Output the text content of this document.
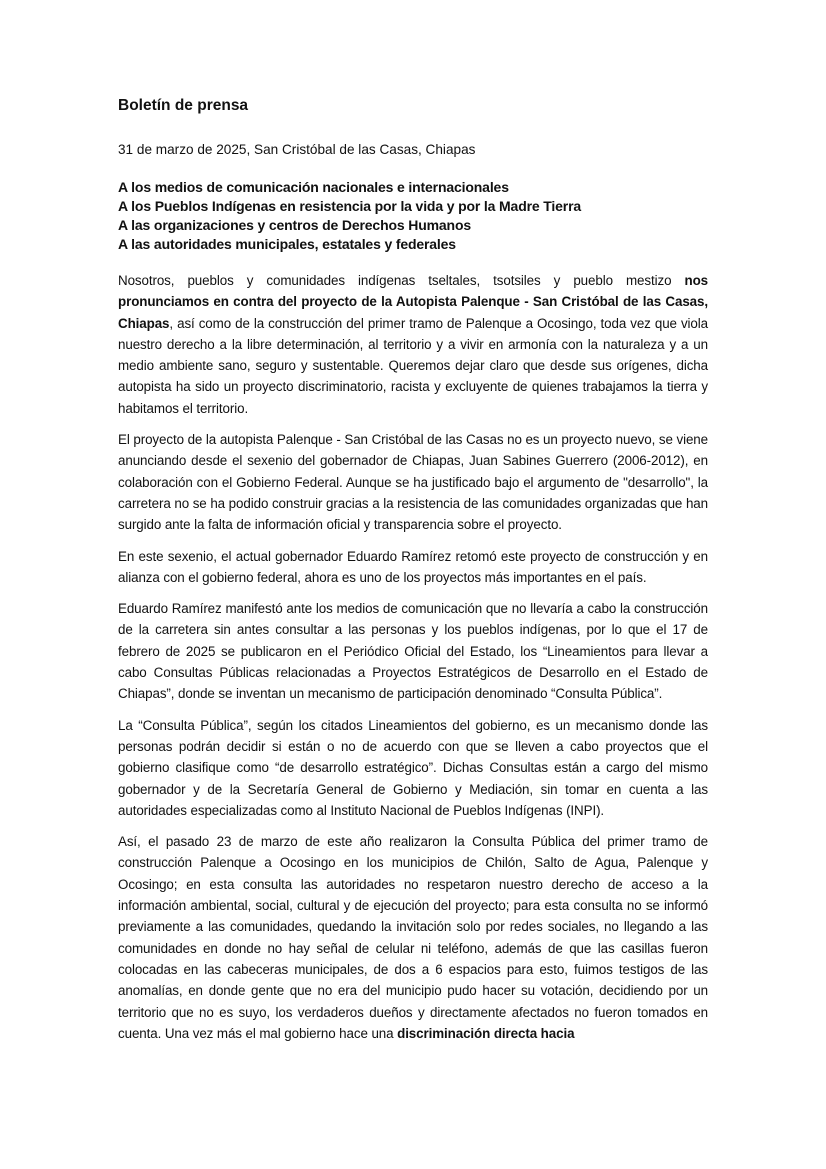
Boletín de prensa

31 de marzo de 2025, San Cristóbal de las Casas, Chiapas

A los medios de comunicación nacionales e internacionales
A los Pueblos Indígenas en resistencia por la vida y por la Madre Tierra
A las organizaciones y centros de Derechos Humanos
A las autoridades municipales, estatales y federales

Nosotros, pueblos y comunidades indígenas tseltales, tsotsiles y pueblo mestizo nos pronunciamos en contra del proyecto de la Autopista Palenque - San Cristóbal de las Casas, Chiapas, así como de la construcción del primer tramo de Palenque a Ocosingo, toda vez que viola nuestro derecho a la libre determinación, al territorio y a vivir en armonía con la naturaleza y a un medio ambiente sano, seguro y sustentable. Queremos dejar claro que desde sus orígenes, dicha autopista ha sido un proyecto discriminatorio, racista y excluyente de quienes trabajamos la tierra y habitamos el territorio.

El proyecto de la autopista Palenque - San Cristóbal de las Casas no es un proyecto nuevo, se viene anunciando desde el sexenio del gobernador de Chiapas, Juan Sabines Guerrero (2006-2012), en colaboración con el Gobierno Federal. Aunque se ha justificado bajo el argumento de "desarrollo", la carretera no se ha podido construir gracias a la resistencia de las comunidades organizadas que han surgido ante la falta de información oficial y transparencia sobre el proyecto.

En este sexenio, el actual gobernador Eduardo Ramírez retomó este proyecto de construcción y en alianza con el gobierno federal, ahora es uno de los proyectos más importantes en el país.

Eduardo Ramírez manifestó ante los medios de comunicación que no llevaría a cabo la construcción de la carretera sin antes consultar a las personas y los pueblos indígenas, por lo que el 17 de febrero de 2025 se publicaron en el Periódico Oficial del Estado, los “Lineamientos para llevar a cabo Consultas Públicas relacionadas a Proyectos Estratégicos de Desarrollo en el Estado de Chiapas”, donde se inventan un mecanismo de participación denominado “Consulta Pública”.

La “Consulta Pública”, según los citados Lineamientos del gobierno, es un mecanismo donde las personas podrán decidir si están o no de acuerdo con que se lleven a cabo proyectos que el gobierno clasifique como “de desarrollo estratégico”. Dichas Consultas están a cargo del mismo gobernador y de la Secretaría General de Gobierno y Mediación, sin tomar en cuenta a las autoridades especializadas como al Instituto Nacional de Pueblos Indígenas (INPI).

Así, el pasado 23 de marzo de este año realizaron la Consulta Pública del primer tramo de construcción Palenque a Ocosingo en los municipios de Chilón, Salto de Agua, Palenque y Ocosingo; en esta consulta las autoridades no respetaron nuestro derecho de acceso a la información ambiental, social, cultural y de ejecución del proyecto; para esta consulta no se informó previamente a las comunidades, quedando la invitación solo por redes sociales, no llegando a las comunidades en donde no hay señal de celular ni teléfono, además de que las casillas fueron colocadas en las cabeceras municipales, de dos a 6 espacios para esto, fuimos testigos de las anomalías, en donde gente que no era del municipio pudo hacer su votación, decidiendo por un territorio que no es suyo, los verdaderos dueños y directamente afectados no fueron tomados en cuenta. Una vez más el mal gobierno hace una discriminación directa hacia
